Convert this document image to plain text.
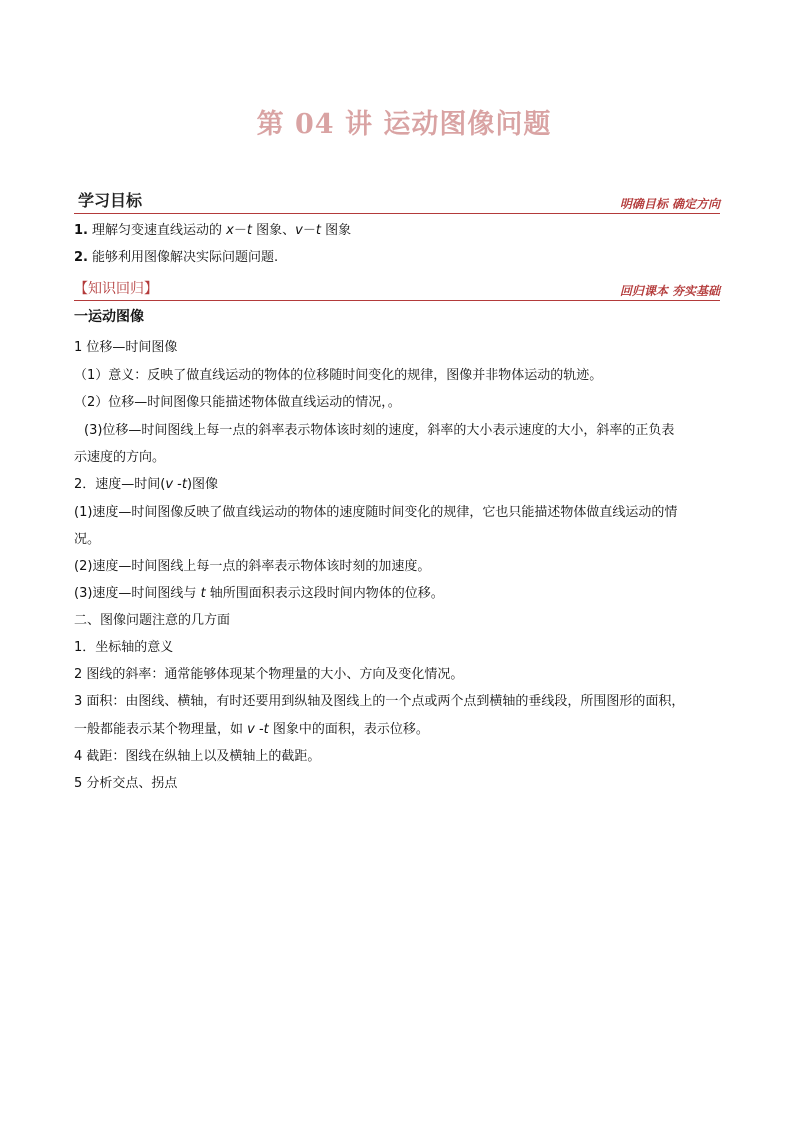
第 04 讲 运动图像问题
学习目标	明确目标 确定方向
1. 理解匀变速直线运动的 x－t 图象、v－t 图象
2. 能够利用图像解决实际问题问题.
【知识回归】	回归课本 夯实基础
一运动图像
1 位移—时间图像
（1）意义：反映了做直线运动的物体的位移随时间变化的规律，图像并非物体运动的轨迹。
（2）位移—时间图像只能描述物体做直线运动的情况，。
(3)位移—时间图线上每一点的斜率表示物体该时刻的速度，斜率的大小表示速度的大小，斜率的正负表
示速度的方向。
2．速度—时间(v -t)图像
(1)速度—时间图像反映了做直线运动的物体的速度随时间变化的规律，它也只能描述物体做直线运动的情
况。
(2)速度—时间图线上每一点的斜率表示物体该时刻的加速度。
(3)速度—时间图线与 t 轴所围面积表示这段时间内物体的位移。
二、图像问题注意的几方面
1．坐标轴的意义
2 图线的斜率：通常能够体现某个物理量的大小、方向及变化情况。
3 面积：由图线、横轴，有时还要用到纵轴及图线上的一个点或两个点到横轴的垂线段，所围图形的面积，
一般都能表示某个物理量，如 v -t 图象中的面积，表示位移。
4 截距：图线在纵轴上以及横轴上的截距。
5 分析交点、拐点
